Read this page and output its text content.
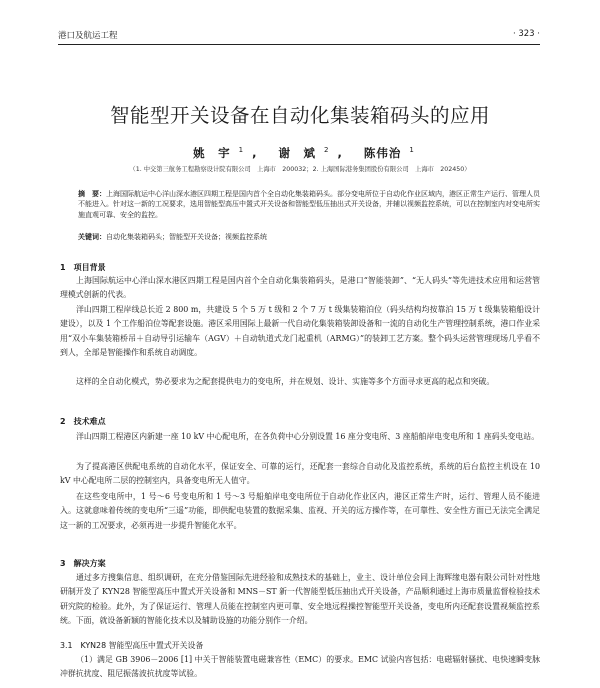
港口及航运工程	· 323 ·
智能型开关设备在自动化集装箱码头的应用
姚　宇 $^1$ , 谢　斌 $^2$ , 陈伟治 $^1$
（1. 中交第三航务工程勘察设计院有限公司　上海市　200032；2. 上海国际港务集团股份有限公司　上海市　202450）
摘　要：上海国际航运中心洋山深水港区四期工程是国内首个全自动化集装箱码头。部分变电所位于自动化作业区域内，港区正常生产运行、管理人员不能进入。针对这一新的工况要求，选用智能型高压中置式开关设备和智能型低压抽出式开关设备，并辅以视频监控系统，可以在控制室内对变电所实施直观可靠、安全的监控。
关键词：自动化集装箱码头；智能型开关设备；视频监控系统
1　项目背景
上海国际航运中心洋山深水港区四期工程是国内首个全自动化集装箱码头，是港口“智能装卸”、“无人码头”等先进技术应用和运营管理模式创新的代表。
洋山四期工程岸线总长近 2 800 m，共建设 5 个 5 万 t 级和 2 个 7 万 t 级集装箱泊位（码头结构均按靠泊 15 万 t 级集装箱船设计建设），以及 1 个工作船泊位等配套设施。港区采用国际上最新一代自动化集装箱装卸设备和一流的自动化生产管理控制系统，港口作业采用“双小车集装箱桥吊＋自动导引运输车（AGV）＋自动轨道式龙门起重机（ARMG）”的装卸工艺方案。整个码头运营管理现场几乎看不到人，全部是智能操作和系统自动调度。
这样的全自动化模式，势必要求为之配套提供电力的变电所，并在规划、设计、实施等多个方面寻求更高的起点和突破。
2　技术难点
洋山四期工程港区内新建一座 10 kV 中心配电所，在各负荷中心分别设置 16 座分变电所、3 座船舶岸电变电所和 1 座码头变电站。
为了提高港区供配电系统的自动化水平，保证安全、可靠的运行，还配套一套综合自动化及监控系统，系统的后台监控主机设在 10 kV 中心配电所二层的控制室内，具备变电所无人值守。
在这些变电所中，1 号～6 号变电所和 1 号～3 号船舶岸电变电所位于自动化作业区内，港区正常生产时，运行、管理人员不能进入。这就意味着传统的变电所“三遥”功能，即供配电装置的数据采集、监视、开关的远方操作等，在可靠性、安全性方面已无法完全满足这一新的工况要求，必须再进一步提升智能化水平。
3　解决方案
通过多方搜集信息、组织调研，在充分借鉴国际先进经验和成熟技术的基础上，业主、设计单位会同上海辉缘电器有限公司针对性地研制开发了 KYN28 智能型高压中置式开关设备和 MNS－ST 新一代智能型低压抽出式开关设备，产品顺利通过上海市质量监督检验技术研究院的检验。此外，为了保证运行、管理人员能在控制室内更可靠、安全地远程操控智能型开关设备，变电所内还配套设置视频监控系统。下面，就设备新颖的智能化技术以及辅助设施的功能分别作一介绍。
3.1　KYN28 智能型高压中置式开关设备
（1）满足 GB 3906－2006 [1] 中关于智能装置电磁兼容性（EMC）的要求。EMC 试验内容包括：电磁辐射骚扰、电快速瞬变脉冲群抗扰度、阻尼振荡波抗扰度等试验。
